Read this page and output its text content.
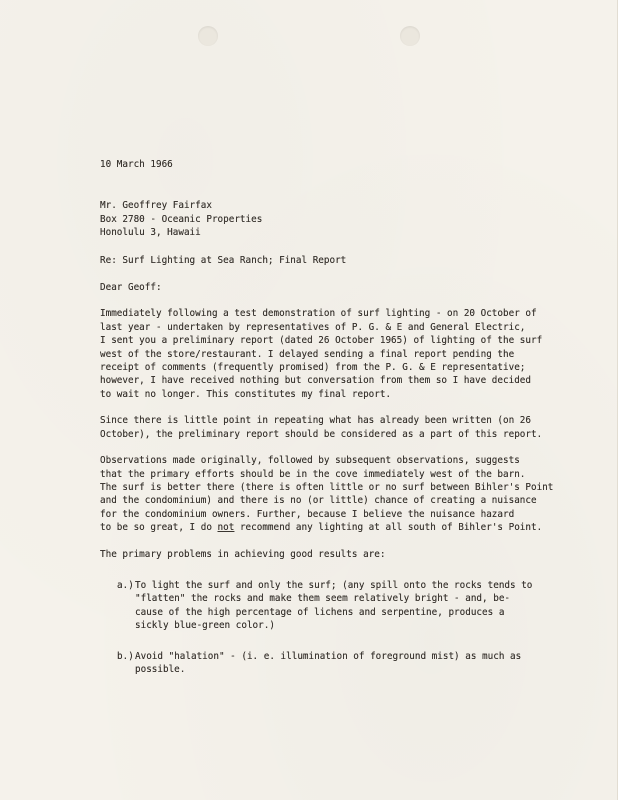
10 March 1966
Mr. Geoffrey Fairfax
Box 2780 - Oceanic Properties
Honolulu 3, Hawaii
Re: Surf Lighting at Sea Ranch; Final Report
Dear Geoff:
Immediately following a test demonstration of surf lighting - on 20 October of
last year - undertaken by representatives of P. G. & E and General Electric,
I sent you a preliminary report (dated 26 October 1965) of lighting of the surf
west of the store/restaurant. I delayed sending a final report pending the
receipt of comments (frequently promised) from the P. G. & E representative;
however, I have received nothing but conversation from them so I have decided
to wait no longer. This constitutes my final report.
Since there is little point in repeating what has already been written (on 26
October), the preliminary report should be considered as a part of this report.
Observations made originally, followed by subsequent observations, suggests
that the primary efforts should be in the cove immediately west of the barn.
The surf is better there (there is often little or no surf between Bihler's Point
and the condominium) and there is no (or little) chance of creating a nuisance
for the condominium owners. Further, because I believe the nuisance hazard
to be so great, I do not recommend any lighting at all south of Bihler's Point.
The primary problems in achieving good results are:
a.) To light the surf and only the surf; (any spill onto the rocks tends to
"flatten" the rocks and make them seem relatively bright - and, be-
cause of the high percentage of lichens and serpentine, produces a
sickly blue-green color.)
b.) Avoid "halation" - (i. e. illumination of foreground mist) as much as
possible.
